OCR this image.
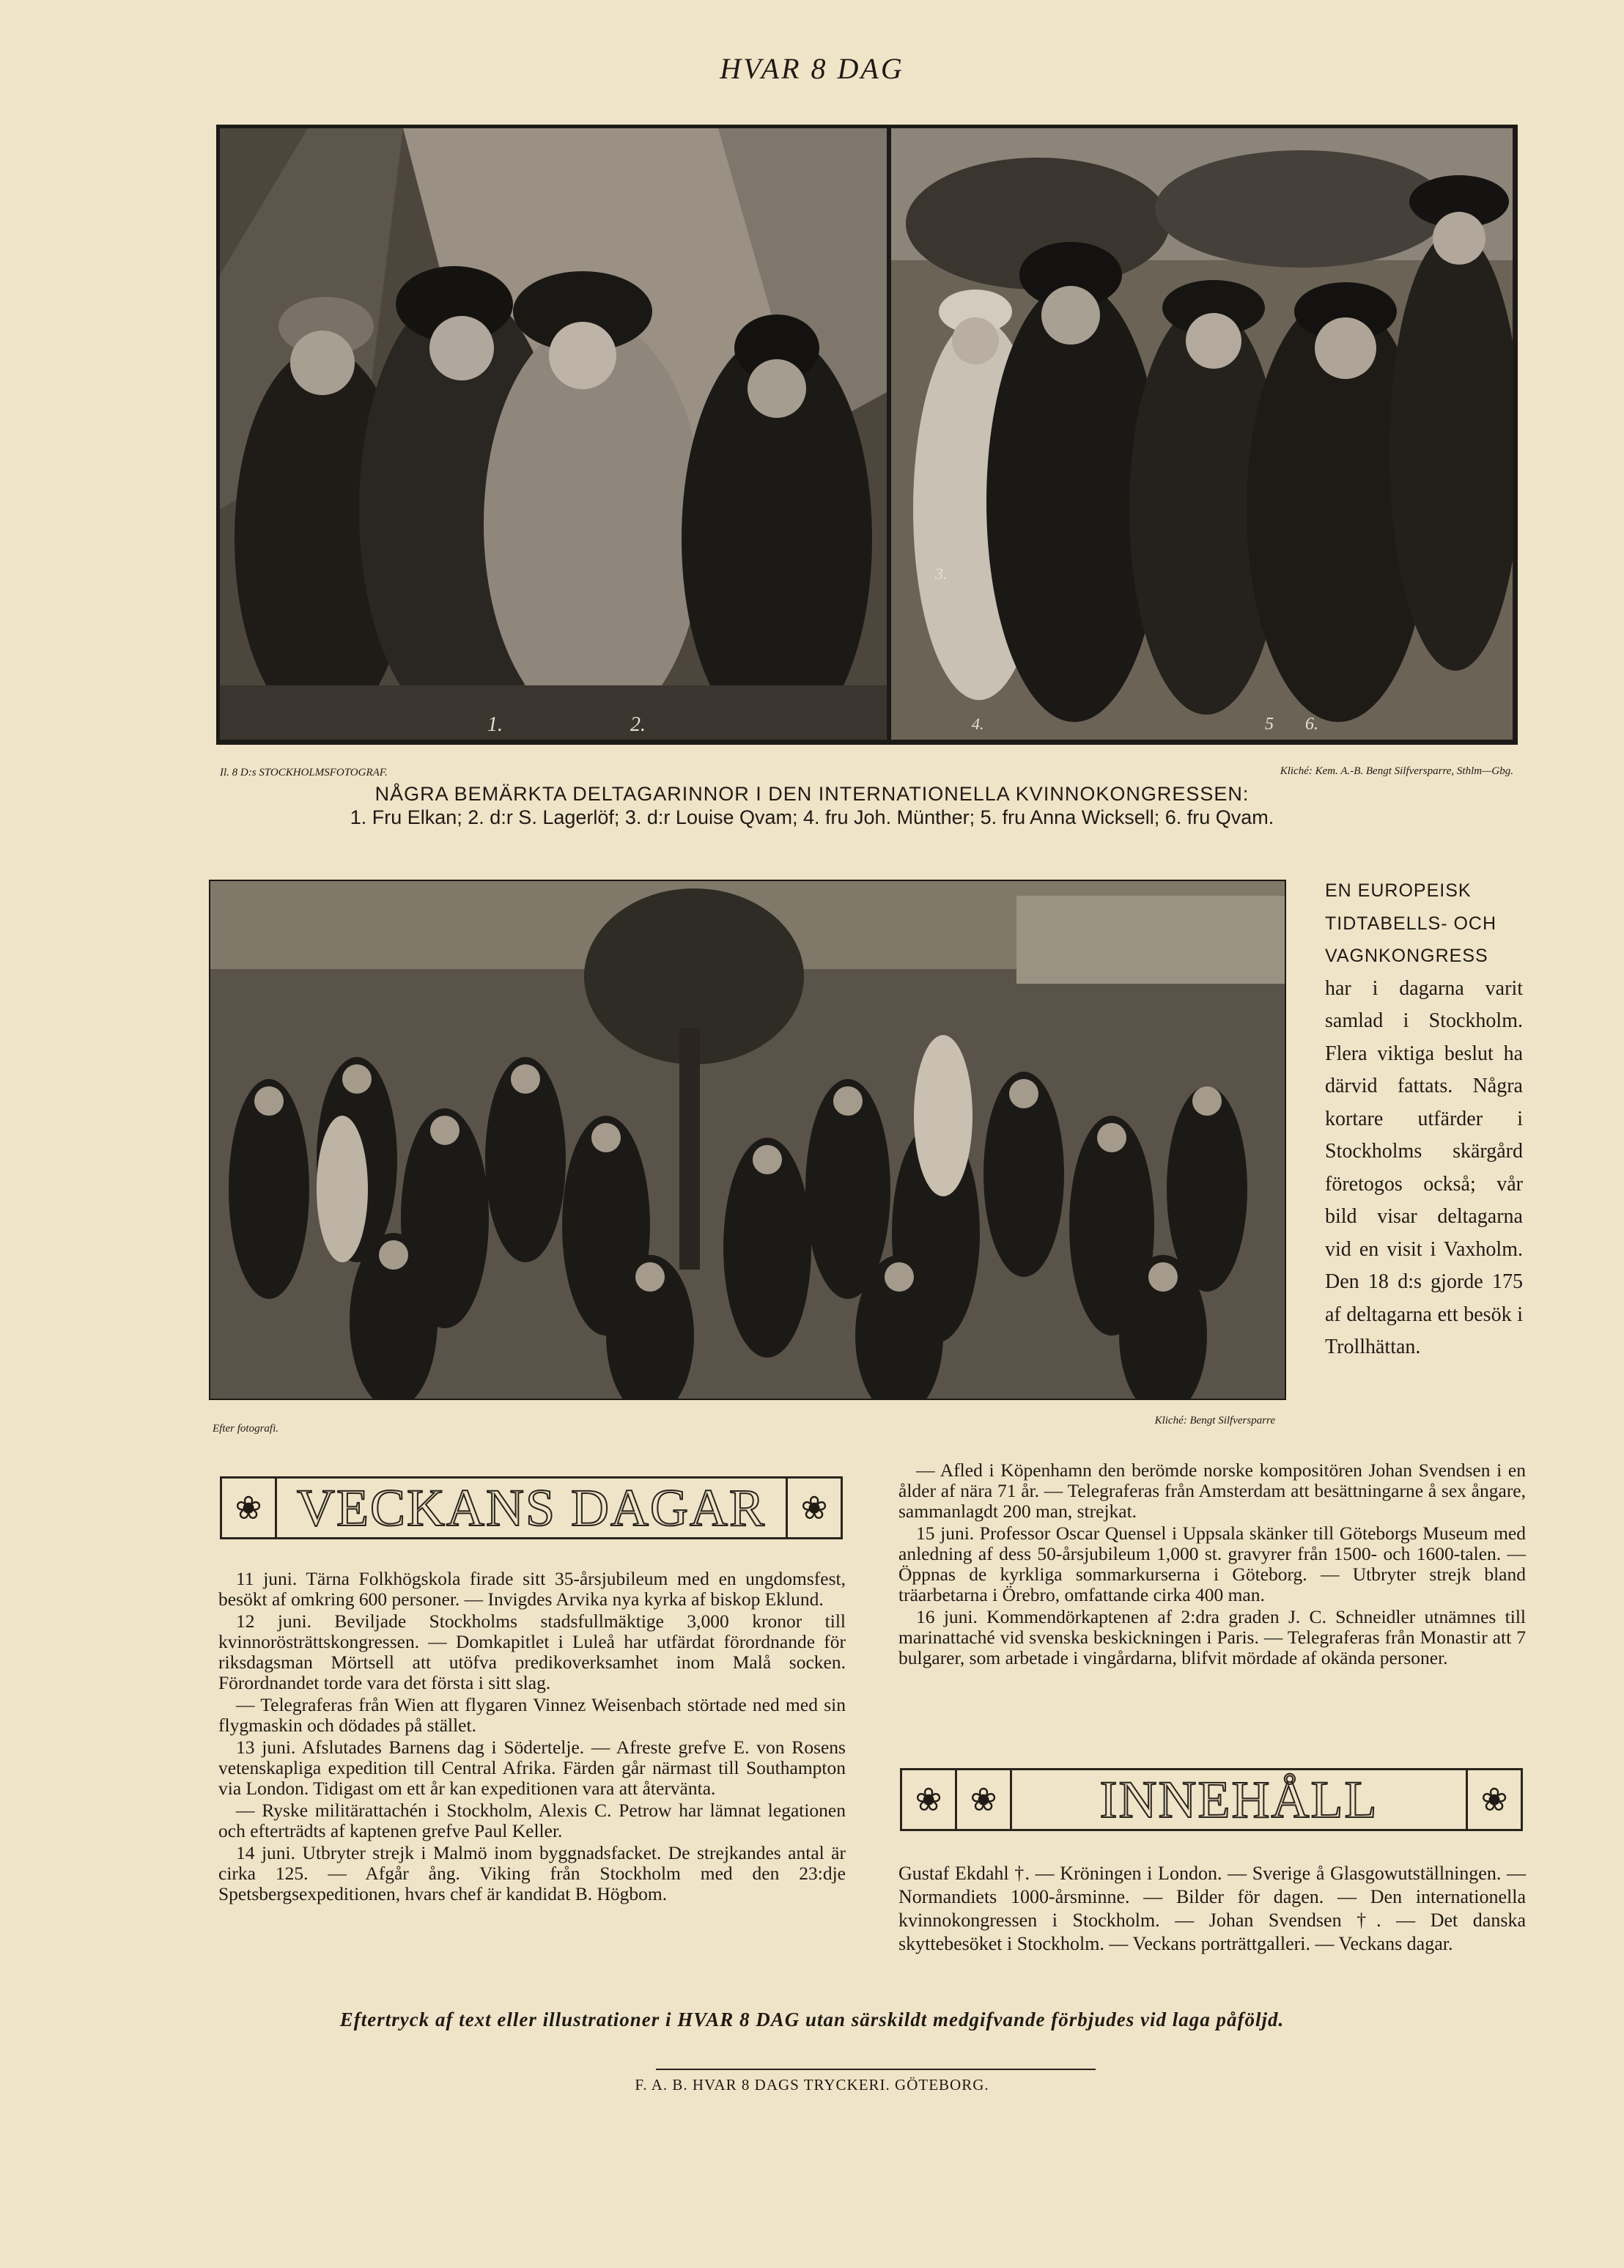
HVAR 8 DAG
1.	2.
3.
4.	5 6.
Il. 8 D:s STOCKHOLMSFOTOGRAF.	Kliché: Kem. A.-B. Bengt Silfversparre, Sthlm—Gbg.
NÅGRA BEMÄRKTA DELTAGARINNOR I DEN INTERNATIONELLA KVINNOKONGRESSEN:
1. Fru Elkan; 2. d:r S. Lagerlöf; 3. d:r Louise Qvam; 4. fru Joh. Münther; 5. fru Anna Wicksell; 6. fru Qvam.
Efter fotografi.
Kliché: Bengt Silfversparre
EN EUROPEISK
TIDTABELLS- OCH
VAGNKONGRESS
har i dagarna varit samlad i Stockholm. Flera viktiga beslut ha därvid fattats. Några kortare utfärder i Stockholms skärgård företogos också; vår bild visar deltagarna vid en visit i Vaxholm. Den 18 d:s gjorde 175 af deltagarna ett besök i Trollhättan.
❀ VECKANS DAGAR	❀

11 juni. Tärna Folkhögskola firade sitt 35-årsjubileum med en ungdomsfest, besökt af omkring 600 personer. — Invigdes Arvika nya kyrka af biskop Eklund.

12 juni. Beviljade Stockholms stadsfullmäktige 3,000 kronor till kvinnorösträttskongressen. — Domkapitlet i Luleå har utfärdat förordnande för riksdagsman Mörtsell att utöfva predikoverksamhet inom Malå socken. Förordnandet torde vara det första i sitt slag.

— Telegraferas från Wien att flygaren Vinnez Weisenbach störtade ned med sin flygmaskin och dödades på stället.

13 juni. Afslutades Barnens dag i Södertelje. — Afreste grefve E. von Rosens vetenskapliga expedition till Central Afrika. Färden går närmast till Southampton via London. Tidigast om ett år kan expeditionen vara att återvänta.

— Ryske militärattachén i Stockholm, Alexis C. Petrow har lämnat legationen och efterträdts af kaptenen grefve Paul Keller.

14 juni. Utbryter strejk i Malmö inom byggnadsfacket. De strejkandes antal är cirka 125. — Afgår ång. Viking från Stockholm med den 23:dje Spetsbergsexpeditionen, hvars chef är kandidat B. Högbom.

— Afled i Köpenhamn den berömde norske kompositören Johan Svendsen i en ålder af nära 71 år. — Telegraferas från Amsterdam att besättningarne å sex ångare, sammanlagdt 200 man, strejkat.

15 juni. Professor Oscar Quensel i Uppsala skänker till Göteborgs Museum med anledning af dess 50-årsjubileum 1,000 st. gravyrer från 1500- och 1600-talen. — Öppnas de kyrkliga sommarkurserna i Göteborg. — Utbryter strejk bland träarbetarna i Örebro, omfattande cirka 400 man.

16 juni. Kommendörkaptenen af 2:dra graden J. C. Schneidler utnämnes till marinattaché vid svenska beskickningen i Paris. — Telegraferas från Monastir att 7 bulgarer, som arbetade i vingårdarna, blifvit mördade af okända personer.

❀ ❀	INNEHÅLL	❀

Gustaf Ekdahl †. — Kröningen i London. — Sverige å Glasgowutställningen. — Normandiets 1000-årsminne. — Bilder för dagen. — Den internationella kvinnokongressen i Stockholm. — Johan Svendsen †. — Det danska skyttebesöket i Stockholm. — Veckans porträttgalleri. — Veckans dagar.

Eftertryck af text eller illustrationer i HVAR 8 DAG utan särskildt medgifvande förbjudes vid laga påföljd.
F. A. B. HVAR 8 DAGS TRYCKERI. GÖTEBORG.
